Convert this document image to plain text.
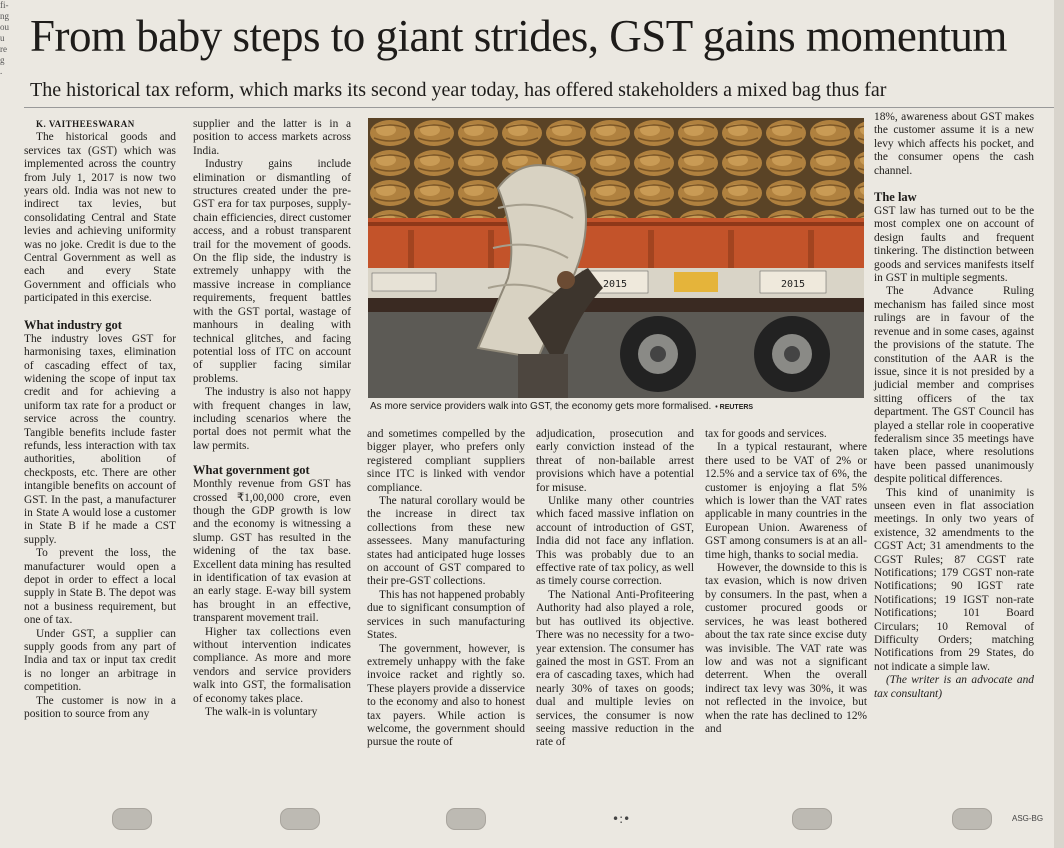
fi-
ng
ou
u
re
g
.
From baby steps to giant strides, GST gains momentum
The historical tax reform, which marks its second year today, has offered stakeholders a mixed bag thus far

K. VAITHEESWARAN

The historical goods and services tax (GST) which was implemented across the country from July 1, 2017 is now two years old. India was not new to indirect tax levies, but consolidating Central and State levies and achieving uniformity was no joke. Credit is due to the Central Government as well as each and every State Government and officials who participated in this exercise.

What industry got

The industry loves GST for harmonising taxes, elimination of cascading effect of tax, widening the scope of input tax credit and for achieving a uniform tax rate for a product or service across the country. Tangible benefits include faster refunds, less interaction with tax authorities, abolition of checkposts, etc. There are other intangible benefits on account of GST. In the past, a manufacturer in State A would lose a customer in State B if he made a CST supply.

To prevent the loss, the manufacturer would open a depot in order to effect a local supply in State B. The depot was not a business requirement, but one of tax.

Under GST, a supplier can supply goods from any part of India and tax or input tax credit is no longer an arbitrage in competition.

The customer is now in a position to source from any

supplier and the latter is in a position to access markets across India.

Industry gains include elimination or dismantling of structures created under the pre-GST era for tax purposes, supply-chain efficiencies, direct customer access, and a robust transparent trail for the movement of goods. On the flip side, the industry is extremely unhappy with the massive increase in compliance requirements, frequent battles with the GST portal, wastage of manhours in dealing with technical glitches, and facing potential loss of ITC on account of supplier facing similar problems.

The industry is also not happy with frequent changes in law, including scenarios where the portal does not permit what the law permits.

What government got

Monthly revenue from GST has crossed ₹1,00,000 crore, even though the GDP growth is low and the economy is witnessing a slump. GST has resulted in the widening of the tax base. Excellent data mining has resulted in identification of tax evasion at an early stage. E-way bill system has brought in an effective, transparent movement trail.

Higher tax collections even without intervention indicates compliance. As more and more vendors and service providers walk into GST, the formalisation of economy takes place.

The walk-in is voluntary

2015	2015
As more service providers walk into GST, the economy gets more formalised. • REUTERS

and sometimes compelled by the bigger player, who prefers only registered compliant suppliers since ITC is linked with vendor compliance.

The natural corollary would be the increase in direct tax collections from these new assessees. Many manufacturing states had anticipated huge losses on account of GST compared to their pre-GST collections.

This has not happened probably due to significant consumption of services in such manufacturing States.

The government, however, is extremely unhappy with the fake invoice racket and rightly so. These players provide a disservice to the economy and also to honest tax payers. While action is welcome, the government should pursue the route of

adjudication, prosecution and early conviction instead of the threat of non-bailable arrest provisions which have a potential for misuse.

Unlike many other countries which faced massive inflation on account of introduction of GST, India did not face any inflation. This was probably due to an effective rate of tax policy, as well as timely course correction.

The National Anti-Profiteering Authority had also played a role, but has outlived its objective. There was no necessity for a two-year extension. The consumer has gained the most in GST. From an era of cascading taxes, which had nearly 30% of taxes on goods; dual and multiple levies on services, the consumer is now seeing massive reduction in the rate of

tax for goods and services.

In a typical restaurant, where there used to be VAT of 2% or 12.5% and a service tax of 6%, the customer is enjoying a flat 5% which is lower than the VAT rates applicable in many countries in the European Union. Awareness of GST among consumers is at an all-time high, thanks to social media.

However, the downside to this is tax evasion, which is now driven by consumers. In the past, when a customer procured goods or services, he was least bothered about the tax rate since excise duty was invisible. The VAT rate was low and was not a significant deterrent. When the overall indirect tax levy was 30%, it was not reflected in the invoice, but when the rate has declined to 12% and

18%, awareness about GST makes the customer assume it is a new levy which affects his pocket, and the consumer opens the cash channel.

The law

GST law has turned out to be the most complex one on account of design faults and frequent tinkering. The distinction between goods and services manifests itself in GST in multiple segments.

The Advance Ruling mechanism has failed since most rulings are in favour of the revenue and in some cases, against the provisions of the statute. The constitution of the AAR is the issue, since it is not presided by a judicial member and comprises sitting officers of the tax department. The GST Council has played a stellar role in cooperative federalism since 35 meetings have taken place, where resolutions have been passed unanimously despite political differences.

This kind of unanimity is unseen even in flat association meetings. In only two years of existence, 32 amendments to the CGST Act; 31 amendments to the CGST Rules; 87 CGST rate Notifications; 179 CGST non-rate Notifications; 90 IGST rate Notifications; 19 IGST non-rate Notifications; 101 Board Circulars; 10 Removal of Difficulty Orders; matching Notifications from 29 States, do not indicate a simple law.

(The writer is an advocate and tax consultant)

•:•	ASG-BG
